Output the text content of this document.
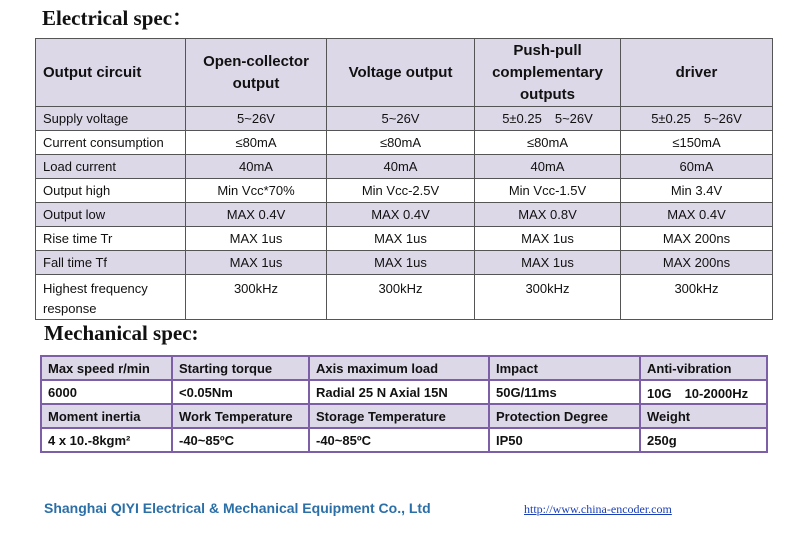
Electrical spec：
Output circuit	Open-collector output	Voltage output	Push-pull complementary outputs	driver
Supply voltage	5~26V	5~26V	5±0.25　5~26V	5±0.25　5~26V
Current consumption	≤80mA	≤80mA	≤80mA	≤150mA
Load current	40mA	40mA	40mA	60mA
Output high	Min Vcc*70%	Min Vcc-2.5V	Min Vcc-1.5V	Min 3.4V
Output low	MAX 0.4V	MAX 0.4V	MAX 0.8V	MAX 0.4V
Rise time Tr	MAX 1us	MAX 1us	MAX 1us	MAX 200ns
Fall time Tf	MAX 1us	MAX 1us	MAX 1us	MAX 200ns
Highest frequency response	300kHz	300kHz	300kHz	300kHz
Mechanical spec:
Max speed r/min	Starting torque	Axis maximum load	Impact	Anti-vibration
6000	<0.05Nm	Radial 25 N Axial 15N	50G/11ms	10G　10-2000Hz
Moment inertia	Work Temperature	Storage Temperature	Protection Degree	Weight
4 x 10.-8kgm²	-40~85ºC	-40~85ºC	IP50	250g
Shanghai QIYI Electrical & Mechanical Equipment Co., Ltd	http://www.china-encoder.com
